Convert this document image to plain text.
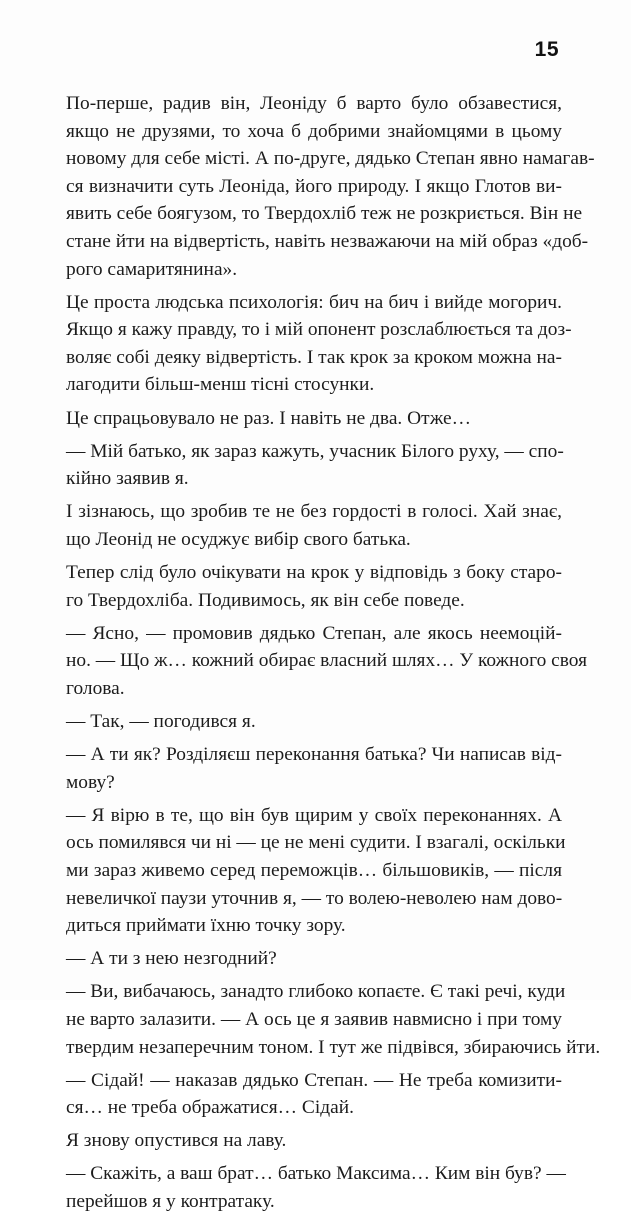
15
По-перше, радив він, Леоніду б варто було обзавестися,
якщо не друзями, то хоча б добрими знайомцями в цьому
новому для себе місті. А по-друге, дядько Степан явно намагав-
ся визначити суть Леоніда, його природу. І якщо Глотов ви-
явить себе боягузом, то Твердохліб теж не розкриється. Він не
стане йти на відвертість, навіть незважаючи на мій образ «доб-
рого самаритянина».
Це проста людська психологія: бич на бич і вийде могорич.
Якщо я кажу правду, то і мій опонент розслаблюється та доз-
воляє собі деяку відвертість. І так крок за кроком можна на-
лагодити більш-менш тісні стосунки.
Це спрацьовувало не раз. І навіть не два. Отже…
— Мій батько, як зараз кажуть, учасник Білого руху, — спо-
кійно заявив я.
І зізнаюсь, що зробив те не без гордості в голосі. Хай знає,
що Леонід не осуджує вибір свого батька.
Тепер слід було очікувати на крок у відповідь з боку старо-
го Твердохліба. Подивимось, як він себе поведе.
— Ясно, — промовив дядько Степан, але якось неемоцій-
но. — Що ж… кожний обирає власний шлях… У кожного своя
голова.
— Так, — погодився я.
— А ти як? Розділяєш переконання батька? Чи написав від-
мову?
— Я вірю в те, що він був щирим у своїх переконаннях. А
ось помилявся чи ні — це не мені судити. І взагалі, оскільки
ми зараз живемо серед переможців… більшовиків, — після
невеличкої паузи уточнив я, — то волею-неволею нам дово-
диться приймати їхню точку зору.
— А ти з нею незгодний?
— Ви, вибачаюсь, занадто глибоко копаєте. Є такі речі, куди
не варто залазити. — А ось це я заявив навмисно і при тому
твердим незаперечним тоном. І тут же підвівся, збираючись йти.
— Сідай! — наказав дядько Степан. — Не треба комизити-
ся… не треба ображатися… Сідай.
Я знову опустився на лаву.
— Скажіть, а ваш брат… батько Максима… Ким він був? —
перейшов я у контратаку.
